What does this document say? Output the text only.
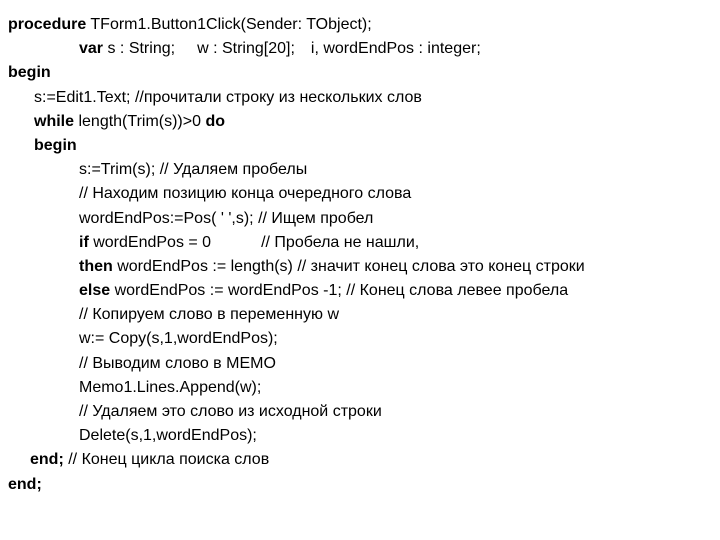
procedure TForm1.Button1Click(Sender: TObject);
var s : String; w : String[20]; i, wordEndPos : integer;
begin
s:=Edit1.Text; //прочитали строку из нескольких слов
while length(Trim(s))>0 do
begin
s:=Trim(s); // Удаляем пробелы
// Находим позицию конца очередного слова
wordEndPos:=Pos( ' ',s); // Ищем пробел
if wordEndPos = 0	// Пробела не нашли,
then wordEndPos := length(s) // значит конец слова это конец строки
else wordEndPos := wordEndPos -1; // Конец слова левее пробела
// Копируем слово в переменную w
w:= Copy(s,1,wordEndPos);
// Выводим слово в MEMO
Memo1.Lines.Append(w);
// Удаляем это слово из исходной строки
Delete(s,1,wordEndPos);
end; // Конец цикла поиска слов
end;
